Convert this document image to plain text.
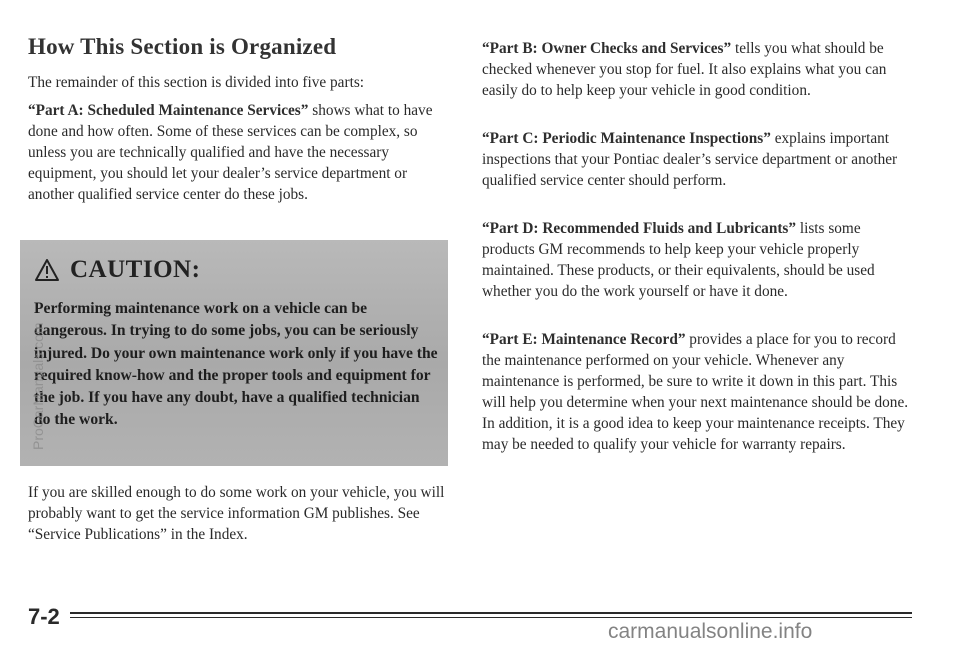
How This Section is Organized

The remainder of this section is divided into five parts:

“Part A: Scheduled Maintenance Services” shows what to have done and how often. Some of these services can be complex, so unless you are technically qualified and have the necessary equipment, you should let your dealer’s service department or another qualified service center do these jobs.

CAUTION:
Performing maintenance work on a vehicle can be dangerous. In trying to do some jobs, you can be seriously injured. Do your own maintenance work only if you have the required know-how and the proper tools and equipment for the job. If you have any doubt, have a qualified technician do the work.
ProCarManuals.com

If you are skilled enough to do some work on your vehicle, you will probably want to get the service information GM publishes. See “Service Publications” in the Index.

“Part B: Owner Checks and Services” tells you what should be checked whenever you stop for fuel. It also explains what you can easily do to help keep your vehicle in good condition.

“Part C: Periodic Maintenance Inspections” explains important inspections that your Pontiac dealer’s service department or another qualified service center should perform.

“Part D: Recommended Fluids and Lubricants” lists some products GM recommends to help keep your vehicle properly maintained. These products, or their equivalents, should be used whether you do the work yourself or have it done.

“Part E: Maintenance Record” provides a place for you to record the maintenance performed on your vehicle. Whenever any maintenance is performed, be sure to write it down in this part. This will help you determine when your next maintenance should be done. In addition, it is a good idea to keep your maintenance receipts. They may be needed to qualify your vehicle for warranty repairs.

7-2
carmanualsonline.info
